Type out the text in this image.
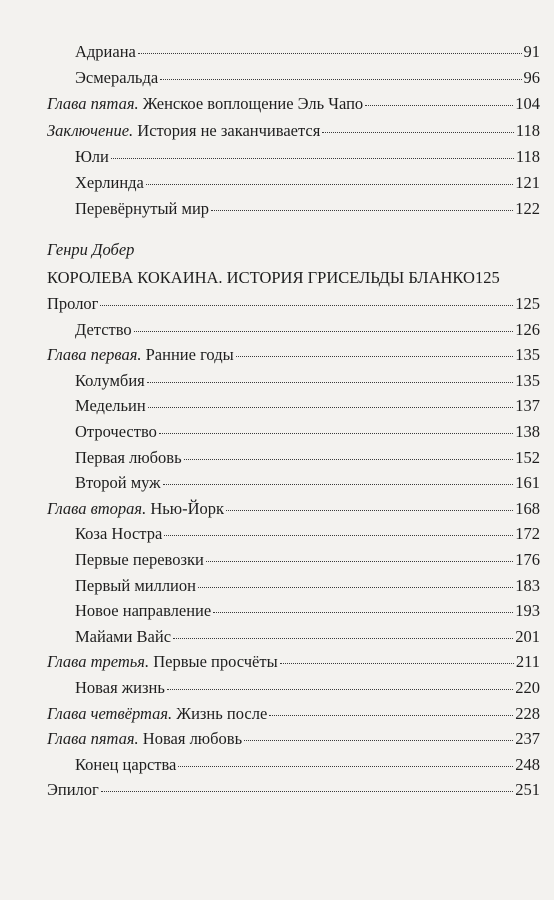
Адриана	91
Эсмеральда	96
Глава пятая. Женское воплощение Эль Чапо	104
Заключение. История не заканчивается	118
Юли	118
Херлинда	121
Перевёрнутый мир	122
Генри Добер
КОРОЛЕВА КОКАИНА. ИСТОРИЯ ГРИСЕЛЬДЫ БЛАНКО 125
Пролог	125
Детство	126
Глава первая. Ранние годы	135
Колумбия	135
Медельин	137
Отрочество	138
Первая любовь	152
Второй муж	161
Глава вторая. Нью-Йорк	168
Коза Ностра	172
Первые перевозки	176
Первый миллион	183
Новое направление	193
Майами Вайс	201
Глава третья. Первые просчёты	211
Новая жизнь	220
Глава четвёртая. Жизнь после	228
Глава пятая. Новая любовь	237
Конец царства	248
Эпилог	251
